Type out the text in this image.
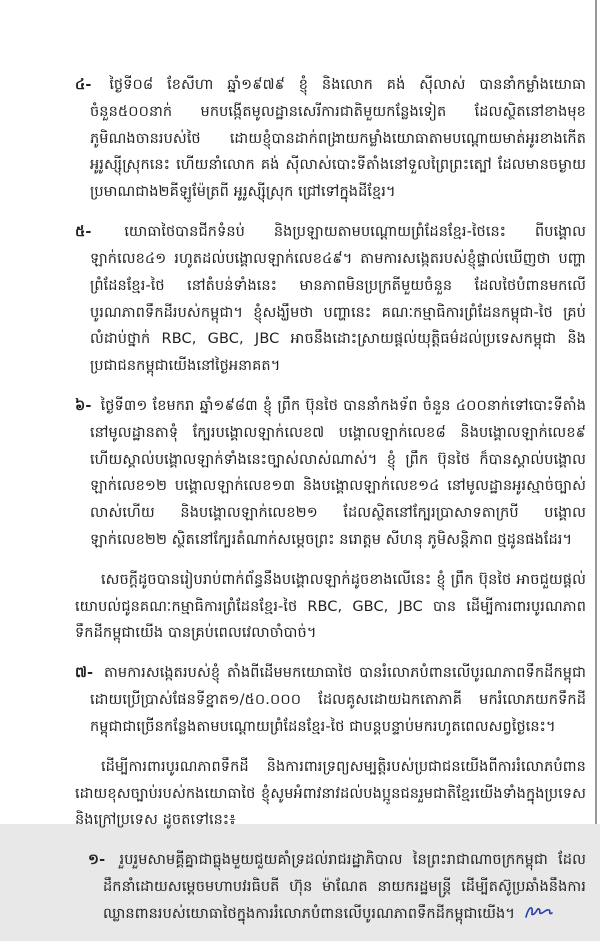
៤- ថ្ងៃទី០៨ ខែសីហា ឆ្នាំ១៩៧៩ ខ្ញុំ និងលោក គង់ ស៊ីលាស់ បាននាំកម្លាំងយោធា ចំនួន៥០០នាក់ មកបង្កើតមូលដ្ឋានសេរីការជាតិមួយកន្លែងទៀត ដែលស្ថិតនៅខាងមុខភូមិណងចានរបស់ថៃ ដោយខ្ញុំបានដាក់ពង្រាយកម្លាំងយោធាតាមបណ្ដោយមាត់អូរខាងកើត អូរូស្ស៊ីស្រុកនេះ ហើយនាំលោក គង់ ស៊ីលាស់បោះទីតាំងនៅទួលព្រៃព្រះត្បៅ ដែលមានចម្ងាយប្រមាណជាង២គីឡូម៉ែត្រពី អូរូស្ស៊ីស្រុក ជ្រៅទៅក្នុងដីខ្មែរ។
៥- យោធាថៃបានជីកទំនប់ និងប្រឡាយតាមបណ្ដោយព្រំដែនខ្មែរ-ថៃនេះ ពីបង្គោលឡាក់លេខ៤១ រហូតដល់បង្គោលឡាក់លេខ៤៩។ តាមការសង្កេតរបស់ខ្ញុំផ្ទាល់ឃើញថា បញ្ហាព្រំដែនខ្មែរ-ថៃ នៅតំបន់ទាំងនេះ មានភាពមិនប្រក្រតីមួយចំនួន ដែលថៃបំពានមកលើបូរណភាពទឹកដីរបស់កម្ពុជា។ ខ្ញុំសង្ឃឹមថា បញ្ហានេះ គណៈកម្មាធិការព្រំដែនកម្ពុជា-ថៃ គ្រប់លំដាប់ថ្នាក់ RBC, GBC, JBC អាចនឹងដោះស្រាយផ្តល់យុត្តិធម៌ដល់ប្រទេសកម្ពុជា និងប្រជាជនកម្ពុជាយើងនៅថ្ងៃអនាគត។
៦- ថ្ងៃទី៣១ ខែមករា ឆ្នាំ១៩៨៣ ខ្ញុំ ព្រឹក ប៊ុនថៃ បាននាំកងទ័ព ចំនួន ៤០០នាក់ទៅបោះទីតាំងនៅមូលដ្ឋានតាទុំ ក្បែរបង្គោលឡាក់លេខ៧ បង្គោលឡាក់លេខ៨ និងបង្គោលឡាក់លេខ៩ ហើយស្គាល់បង្គោលឡាក់ទាំងនេះច្បាស់លាស់ណាស់។ ខ្ញុំ ព្រឹក ប៊ុនថៃ ក៏បានស្គាល់បង្គោលឡាក់លេខ១២ បង្គោលឡាក់លេខ១៣ និងបង្គោលឡាក់លេខ១៤ នៅមូលដ្ឋានអូរស្មាច់ច្បាស់លាស់ហើយ និងបង្គោលឡាក់លេខ២១ ដែលស្ថិតនៅក្បែរប្រាសាទតាក្របី បង្គោលឡាក់លេខ២២ ស្ថិតនៅក្បែរតំណាក់សម្ដេចព្រះ នរោត្តម សីហនុ ភូមិសន្តិភាព ថ្មដូនផងដែរ។
សេចក្ដីដូចបានរៀបរាប់ពាក់ព័ន្ធនឹងបង្គោលឡាក់ដូចខាងលើនេះ ខ្ញុំ ព្រឹក ប៊ុនថៃ អាចជួយផ្តល់យោបល់ជូនគណៈកម្មាធិការព្រំដែនខ្មែរ-ថៃ RBC, GBC, JBC បាន ដើម្បីការពារបូរណភាពទឹកដីកម្ពុជាយើង បានគ្រប់ពេលវេលាចាំបាច់។
៧- តាមការសង្កេតរបស់ខ្ញុំ តាំងពីដើមមកយោធាថៃ បានរំលោភបំពានលើបូរណភាពទឹកដីកម្ពុជា ដោយប្រើប្រាស់ផែនទីខ្នាត១/៥០.០០០ ដែលគូសដោយឯកតោភាគី មករំលោភយកទឹកដីកម្ពុជាជាច្រើនកន្លែងតាមបណ្ដោយព្រំដែនខ្មែរ-ថៃ ជាបន្តបន្ទាប់មករហូតពេលសព្វថ្ងៃនេះ។
ដើម្បីការពារបូរណភាពទឹកដី និងការពារទ្រព្យសម្បត្តិរបស់ប្រជាជនយើងពីការរំលោភបំពាន ដោយខុសច្បាប់របស់កងយោធាថៃ ខ្ញុំសូមអំពាវនាវដល់បងប្អូនជនរួមជាតិខ្មែរយើងទាំងក្នុងប្រទេស និងក្រៅប្រទេស ដូចតទៅនេះ៖
១- រួបរួមសាមគ្គីគ្នាជាធ្លុងមួយជួយគាំទ្រដល់រាជរដ្ឋាភិបាល នៃព្រះរាជាណាចក្រកម្ពុជា ដែលដឹកនាំដោយសម្ដេចមហាបវរធិបតី ហ៊ុន ម៉ាណែត នាយករដ្ឋមន្ត្រី ដើម្បីតស៊ូប្រឆាំងនឹងការឈ្លានពានរបស់យោធាថៃក្នុងការរំលោភបំពានលើបូរណភាពទឹកដីកម្ពុជាយើង។
